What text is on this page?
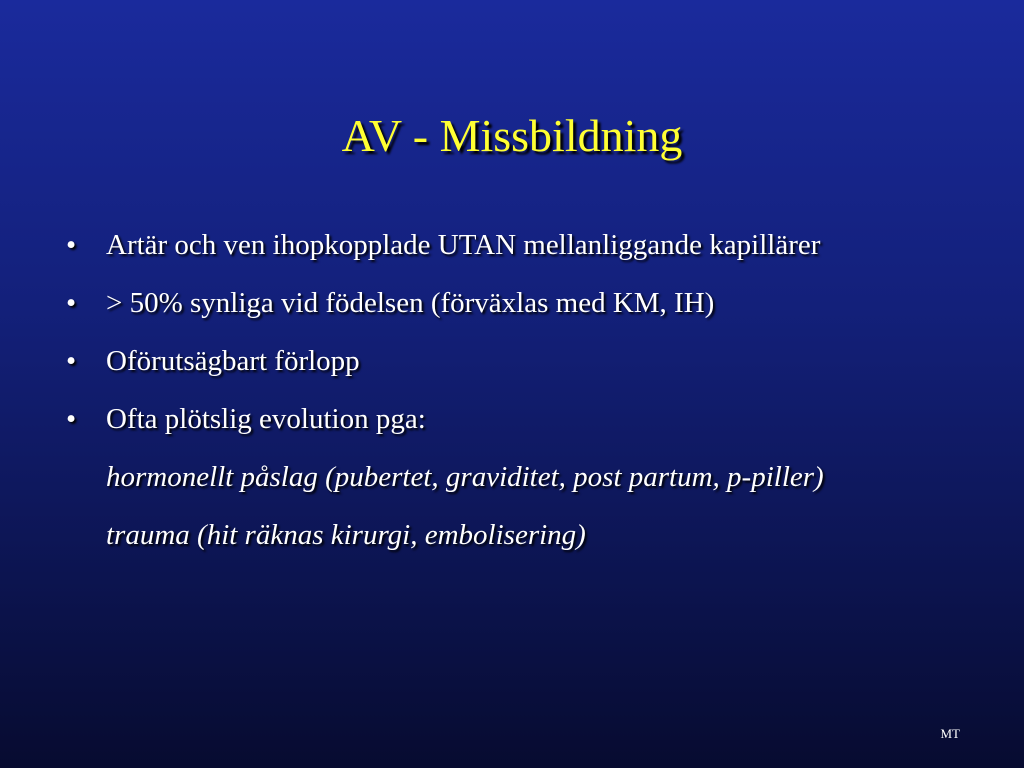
AV - Missbildning
•	Artär och ven ihopkopplade UTAN mellanliggande kapillärer
•	> 50% synliga vid födelsen (förväxlas med KM, IH)
•	Oförutsägbart förlopp
•	Ofta plötslig evolution pga:
hormonellt påslag (pubertet, graviditet, post partum, p-piller)
trauma (hit räknas kirurgi, embolisering)
MT
